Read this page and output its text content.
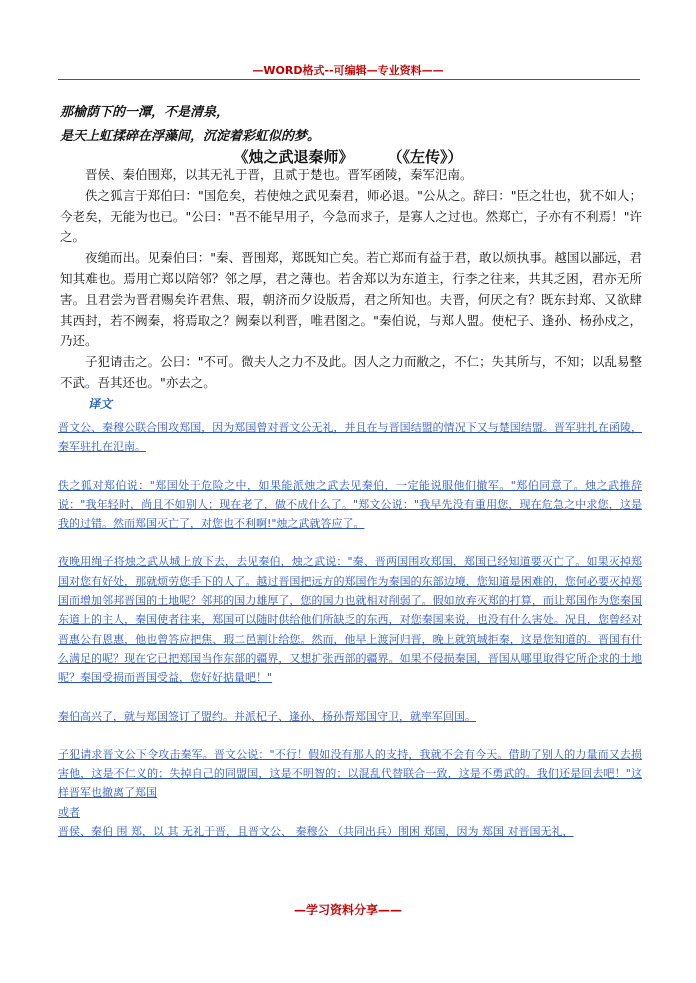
—WORD格式--可编辑—专业资料——
那榆荫下的一潭，不是清泉，
是天上虹揉碎在浮藻间，沉淀着彩虹似的梦。
《烛之武退秦师》 （《左传》）

晋侯、秦伯围郑，以其无礼于晋，且贰于楚也。晋军函陵，秦军氾南。

佚之狐言于郑伯曰："国危矣，若使烛之武见秦君，师必退。"公从之。辞曰："臣之壮也，犹不如人；今老矣，无能为也已。"公曰："吾不能早用子，今急而求子，是寡人之过也。然郑亡，子亦有不利焉！"许之。

夜缒而出。见秦伯曰："秦、晋围郑，郑既知亡矣。若亡郑而有益于君，敢以烦执事。越国以鄙远，君知其难也。焉用亡郑以陪邻？邻之厚，君之薄也。若舍郑以为东道主，行李之往来，共其乏困，君亦无所害。且君尝为晋君赐矣许君焦、瑕，朝济而夕设版焉，君之所知也。夫晋，何厌之有？既东封郑、又欲肆其西封，若不阙秦，将焉取之？阙秦以利晋，唯君图之。"秦伯说，与郑人盟。使杞子、逢孙、杨孙戍之，乃还。

子犯请击之。公曰："不可。微夫人之力不及此。因人之力而敝之，不仁；失其所与，不知；以乱易整不武。吾其还也。"亦去之。

译文

晋文公、秦穆公联合围攻郑国，因为郑国曾对晋文公无礼，并且在与晋国结盟的情况下又与楚国结盟。晋军驻扎在函陵，秦军驻扎在氾南。

佚之狐对郑伯说："郑国处于危险之中，如果能派烛之武去见秦伯，一定能说服他们撤军。"郑伯同意了。烛之武推辞说："我年轻时，尚且不如别人；现在老了，做不成什么了。"郑文公说："我早先没有重用您，现在危急之中求您，这是我的过错。然而郑国灭亡了，对您也不利啊!"烛之武就答应了。

夜晚用绳子将烛之武从城上放下去，去见秦伯，烛之武说："秦、晋两国围攻郑国，郑国已经知道要灭亡了。如果灭掉郑国对您有好处，那就烦劳您手下的人了。越过晋国把远方的郑国作为秦国的东部边境，您知道是困难的，您何必要灭掉郑国而增加邻邦晋国的土地呢？邻邦的国力雄厚了，您的国力也就相对削弱了。假如放弃灭郑的打算，而让郑国作为您秦国东道上的主人，秦国使者往来，郑国可以随时供给他们所缺乏的东西，对您秦国来说，也没有什么害处。况且，您曾经对晋惠公有恩惠，他也曾答应把焦、瑕二邑割让给您。然而，他早上渡河归晋，晚上就筑城拒秦，这是您知道的。晋国有什么满足的呢？现在它已把郑国当作东部的疆界，又想扩张西部的疆界。如果不侵损秦国，晋国从哪里取得它所企求的土地呢？秦国受损而晋国受益，您好好掂量吧！"

秦伯高兴了，就与郑国签订了盟约。并派杞子、逢孙、杨孙帮郑国守卫，就率军回国。

子犯请求晋文公下令攻击秦军。晋文公说："不行！假如没有那人的支持，我就不会有今天。借助了别人的力量而又去损害他，这是不仁义的；失掉自己的同盟国，这是不明智的；以混乱代替联合一致，这是不勇武的。我们还是回去吧！"这样晋军也撤离了郑国

或者

晋侯、秦伯 围 郑，以 其 无礼于晋，且晋文公、 秦穆公 （共同出兵）围困 郑国，因为 郑国 对晋国无礼，

—学习资料分享——
